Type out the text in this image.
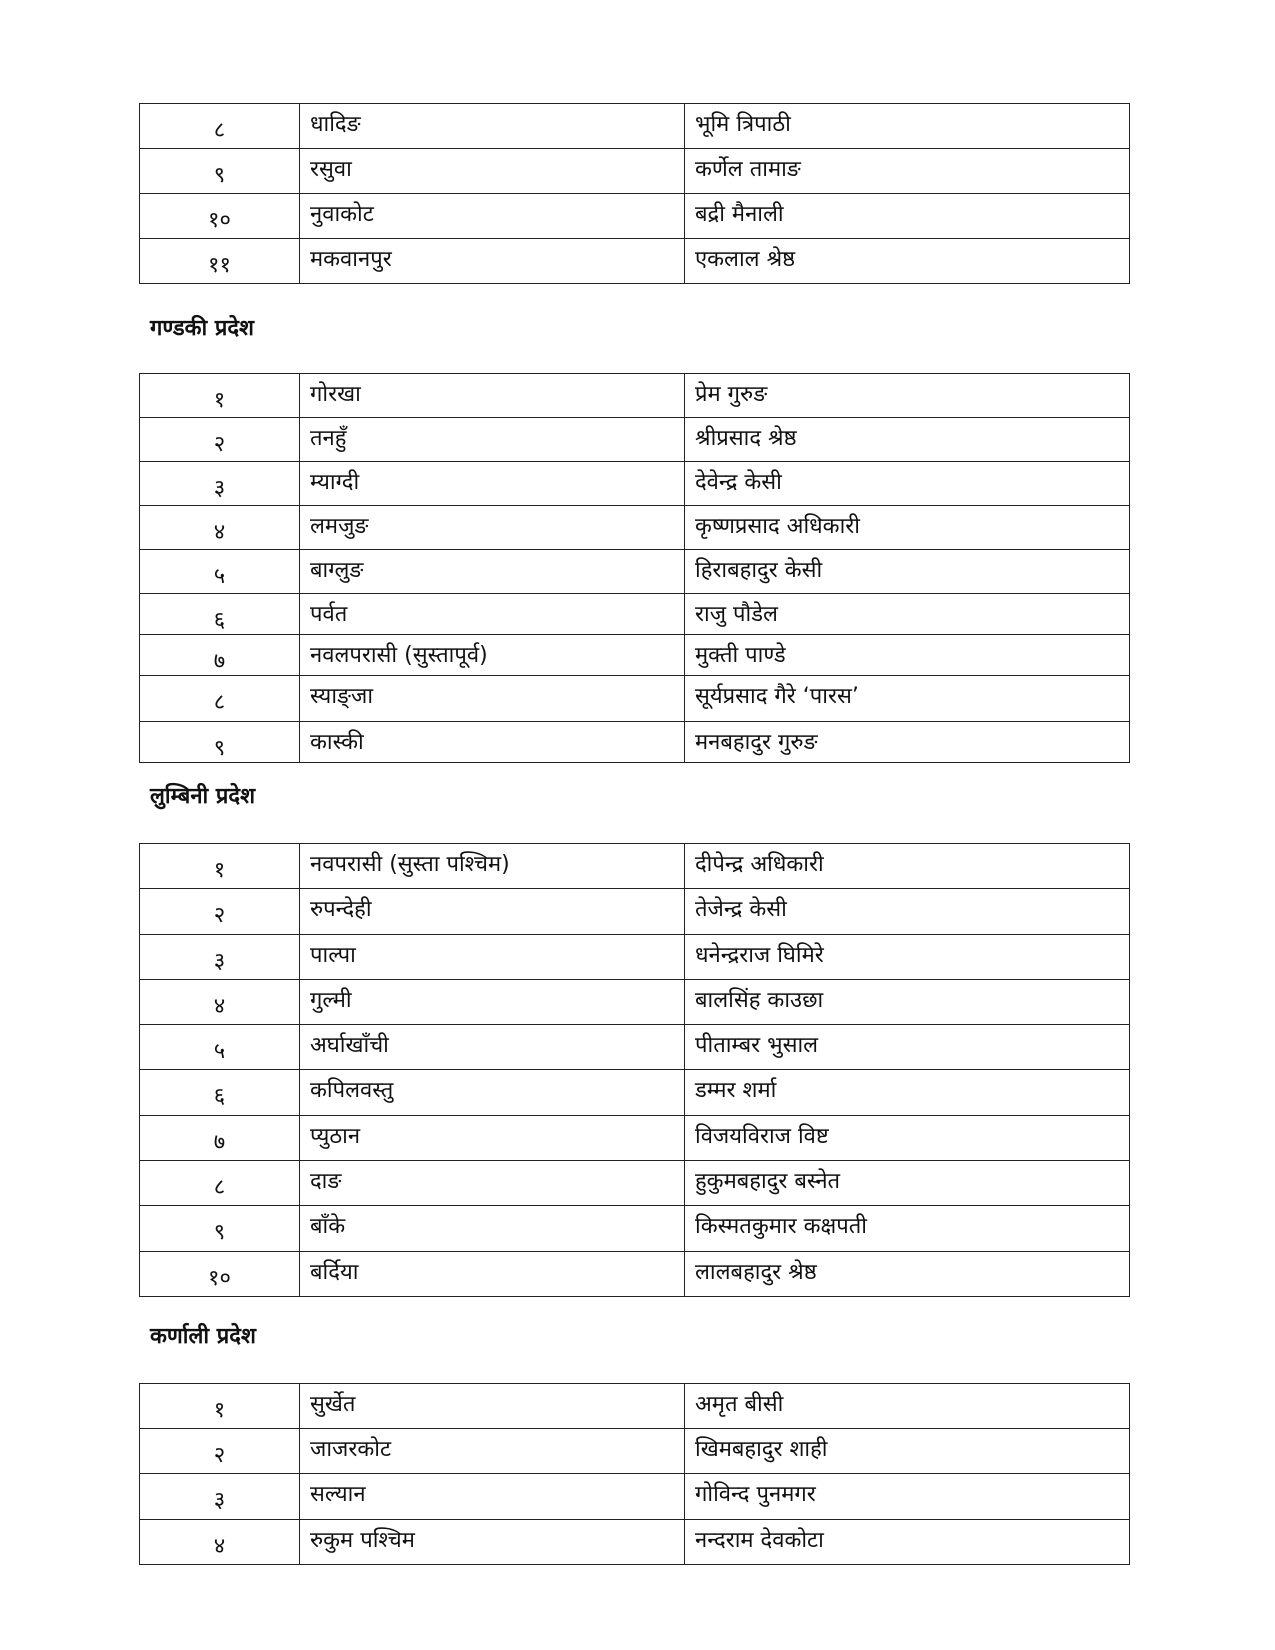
८	धादिङ	भूमि त्रिपाठी
९	रसुवा	कर्णेल तामाङ
१०	नुवाकोट	बद्री मैनाली
११	मकवानपुर	एकलाल श्रेष्ठ
गण्डकी प्रदेश
१	गोरखा	प्रेम गुरुङ
२	तनहुँ	श्रीप्रसाद श्रेष्ठ
३	म्याग्दी	देवेन्द्र केसी
४	लमजुङ	कृष्णप्रसाद अधिकारी
५	बाग्लुङ	हिराबहादुर केसी
६	पर्वत	राजु पौडेल
७	नवलपरासी (सुस्तापूर्व)	मुक्ती पाण्डे
८	स्याङ्जा	सूर्यप्रसाद गैरे ‘पारस’
९	कास्की	मनबहादुर गुरुङ
लुम्बिनी प्रदेश
१	नवपरासी (सुस्ता पश्चिम)	दीपेन्द्र अधिकारी
२	रुपन्देही	तेजेन्द्र केसी
३	पाल्पा	धनेन्द्रराज घिमिरे
४	गुल्मी	बालसिंह काउछा
५	अर्घाखाँची	पीताम्बर भुसाल
६	कपिलवस्तु	डम्मर शर्मा
७	प्युठान	विजयविराज विष्ट
८	दाङ	हुकुमबहादुर बस्नेत
९	बाँके	किस्मतकुमार कक्षपती
१०	बर्दिया	लालबहादुर श्रेष्ठ
कर्णाली प्रदेश
१	सुर्खेत	अमृत बीसी
२	जाजरकोट	खिमबहादुर शाही
३	सल्यान	गोविन्द पुनमगर
४	रुकुम पश्चिम	नन्दराम देवकोटा
